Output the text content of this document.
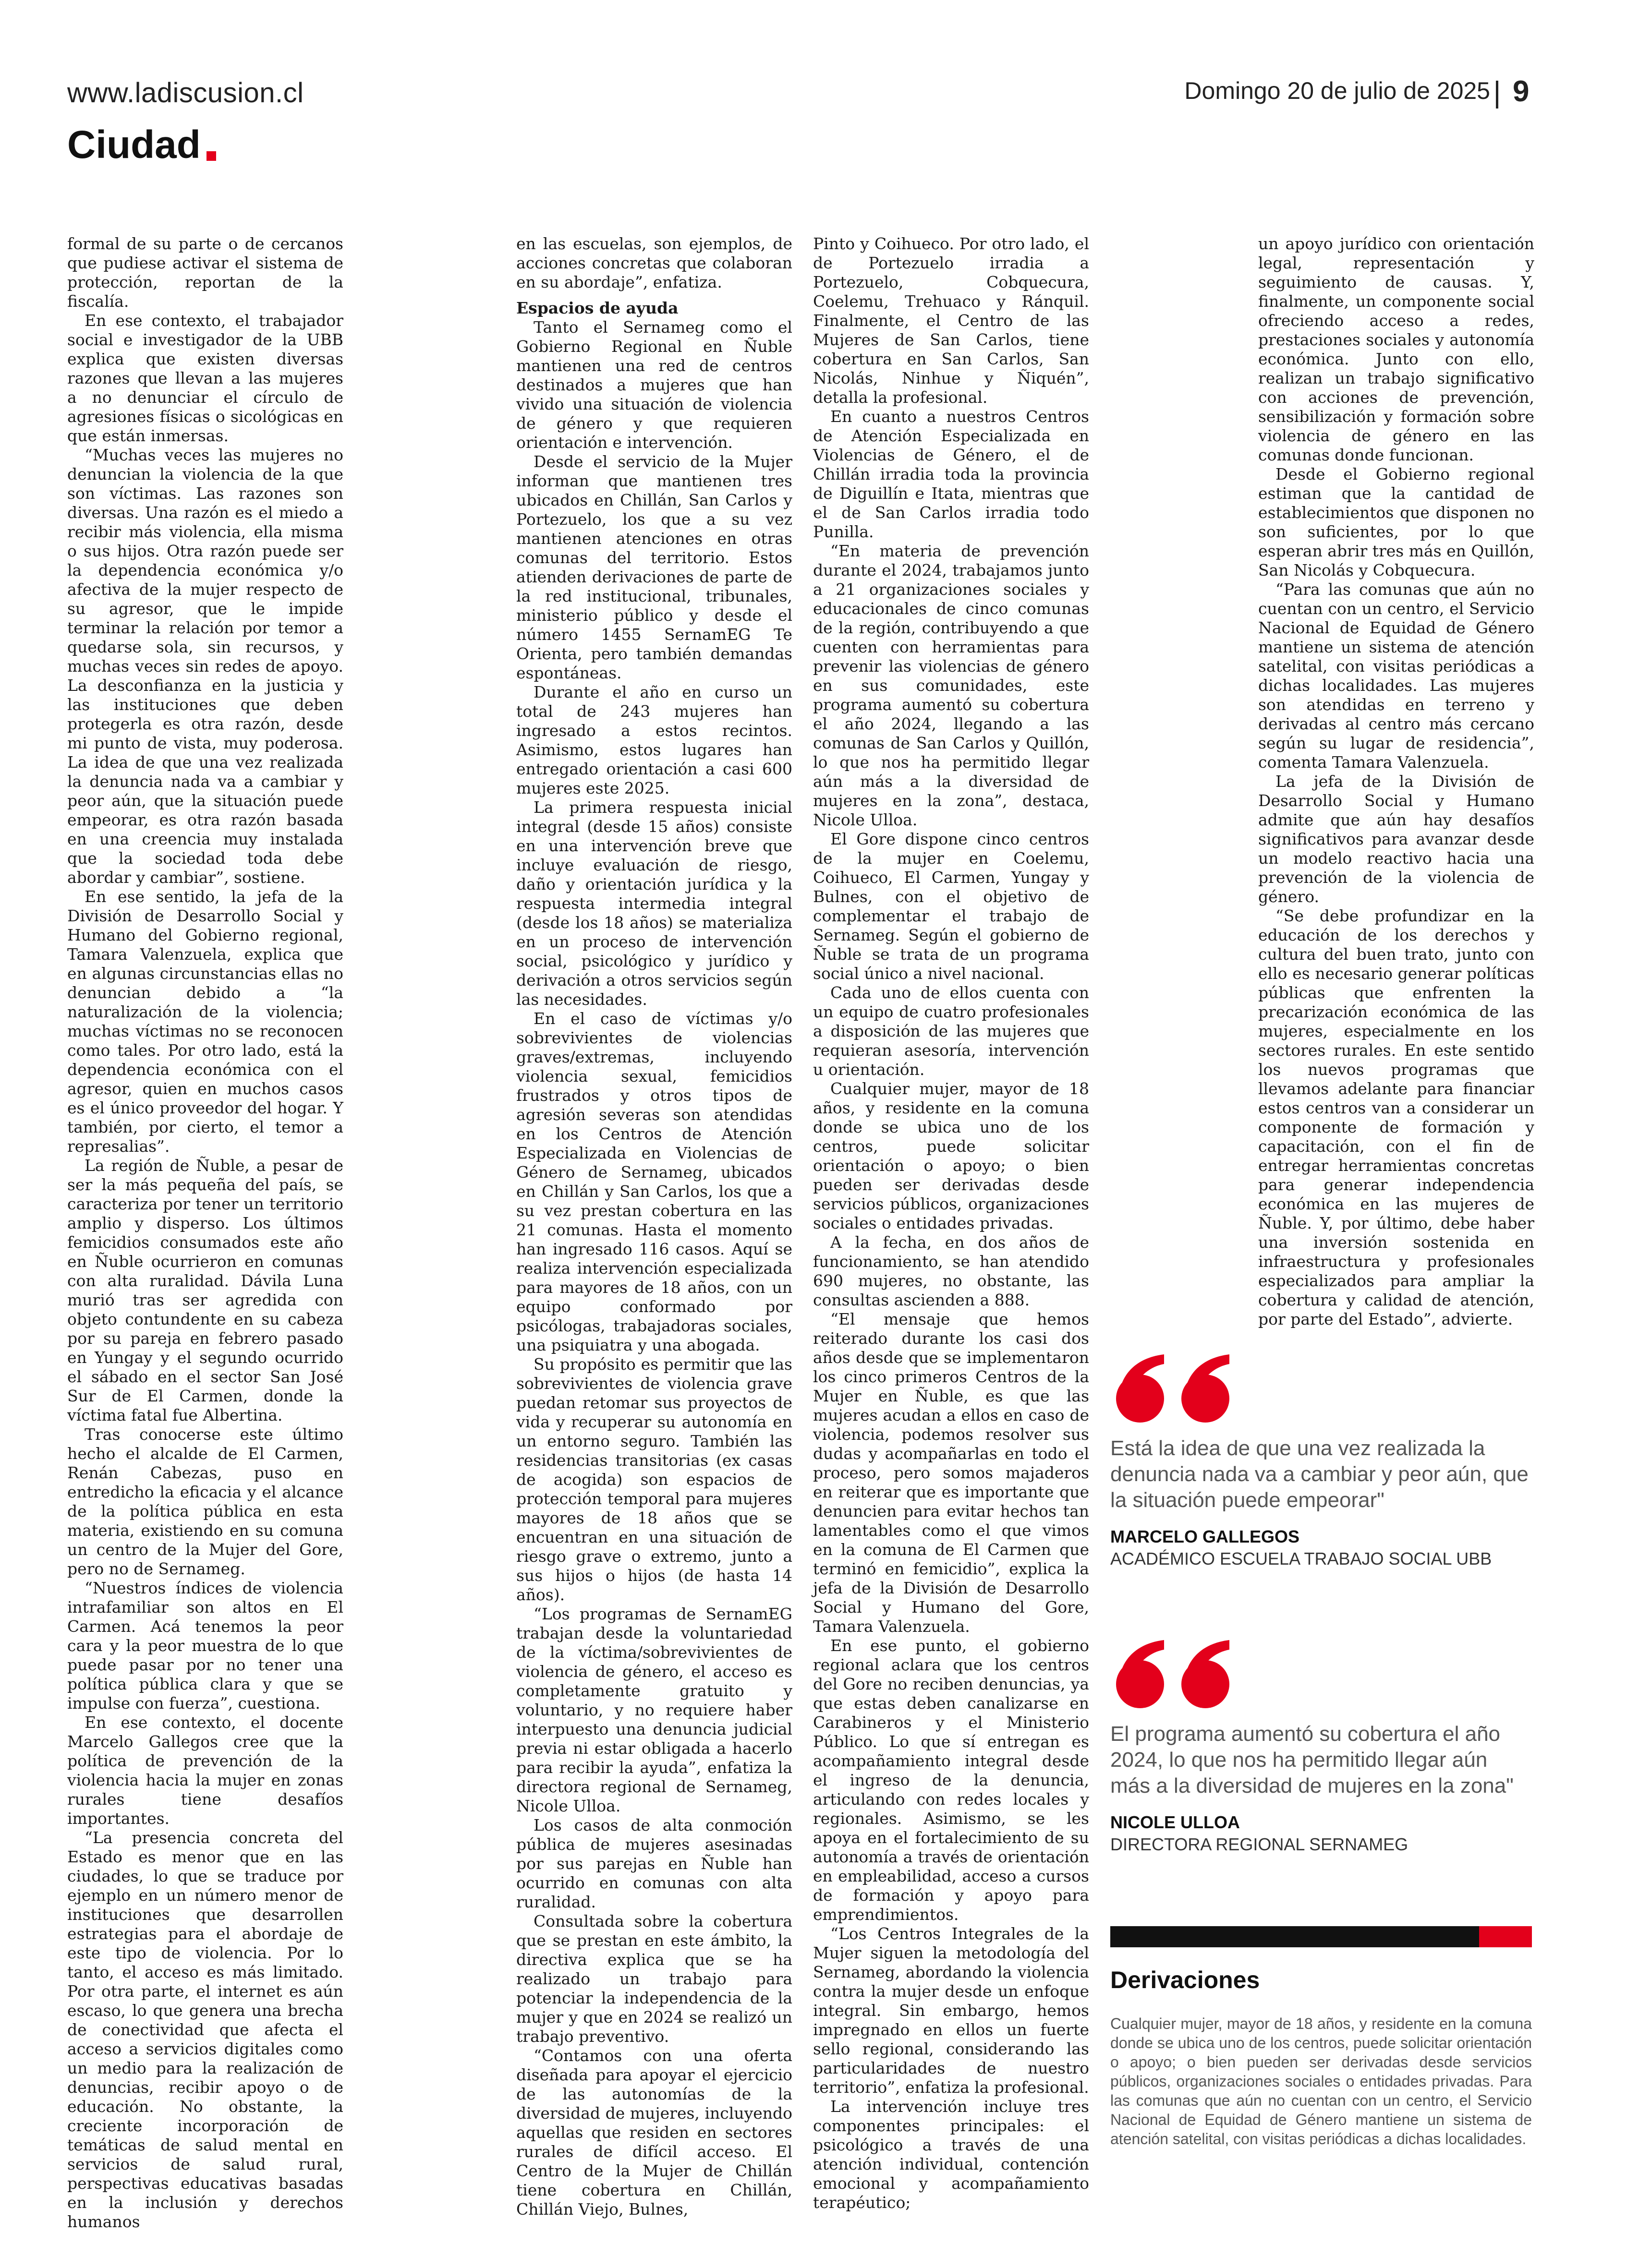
www.ladiscusion.cl	Domingo 20 de julio de 2025 9
Ciudad

formal de su parte o de cercanos que pudiese activar el sistema de protección, reportan de la fiscalía.

En ese contexto, el trabajador social e investigador de la UBB explica que existen diversas razones que llevan a las mujeres a no denunciar el círculo de agresiones físicas o sicológicas en que están inmersas.

“Muchas veces las mujeres no denuncian la violencia de la que son víctimas. Las razones son diversas. Una razón es el miedo a recibir más violencia, ella misma o sus hijos. Otra razón puede ser la dependencia económica y/o afectiva de la mujer respecto de su agresor, que le impide terminar la relación por temor a quedarse sola, sin recursos, y muchas veces sin redes de apoyo. La desconfianza en la justicia y las instituciones que deben protegerla es otra razón, desde mi punto de vista, muy poderosa. La idea de que una vez realizada la denuncia nada va a cambiar y peor aún, que la situación puede empeorar, es otra razón basada en una creencia muy instalada que la sociedad toda debe abordar y cambiar”, sostiene.

En ese sentido, la jefa de la División de Desarrollo Social y Humano del Gobierno regional, Tamara Valenzuela, explica que en algunas circunstancias ellas no denuncian debido a “la naturalización de la violencia; muchas víctimas no se reconocen como tales. Por otro lado, está la dependencia económica con el agresor, quien en muchos casos es el único proveedor del hogar. Y también, por cierto, el temor a represalias”.

La región de Ñuble, a pesar de ser la más pequeña del país, se caracteriza por tener un territorio amplio y disperso. Los últimos femicidios consumados este año en Ñuble ocurrieron en comunas con alta ruralidad. Dávila Luna murió tras ser agredida con objeto contundente en su cabeza por su pareja en febrero pasado en Yungay y el segundo ocurrido el sábado en el sector San José Sur de El Carmen, donde la víctima fatal fue Albertina.

Tras conocerse este último hecho el alcalde de El Carmen, Renán Cabezas, puso en entredicho la eficacia y el alcance de la política pública en esta materia, existiendo en su comuna un centro de la Mujer del Gore, pero no de Sernameg.

“Nuestros índices de violencia intrafamiliar son altos en El Carmen. Acá tenemos la peor cara y la peor muestra de lo que puede pasar por no tener una política pública clara y que se impulse con fuerza”, cuestiona.

En ese contexto, el docente Marcelo Gallegos cree que la política de prevención de la violencia hacia la mujer en zonas rurales tiene desafíos importantes.

“La presencia concreta del Estado es menor que en las ciudades, lo que se traduce por ejemplo en un número menor de instituciones que desarrollen estrategias para el abordaje de este tipo de violencia. Por lo tanto, el acceso es más limitado. Por otra parte, el internet es aún escaso, lo que genera una brecha de conectividad que afecta el acceso a servicios digitales como un medio para la realización de denuncias, recibir apoyo o de educación. No obstante, la creciente incorporación de temáticas de salud mental en servicios de salud rural, perspectivas educativas basadas en la inclusión y derechos humanos

en las escuelas, son ejemplos, de acciones concretas que colaboran en su abordaje”, enfatiza.

Espacios de ayuda

Tanto el Sernameg como el Gobierno Regional en Ñuble mantienen una red de centros destinados a mujeres que han vivido una situación de violencia de género y que requieren orientación e intervención.

Desde el servicio de la Mujer informan que mantienen tres ubicados en Chillán, San Carlos y Portezuelo, los que a su vez mantienen atenciones en otras comunas del territorio. Estos atienden derivaciones de parte de la red institucional, tribunales, ministerio público y desde el número 1455 SernamEG Te Orienta, pero también demandas espontáneas.

Durante el año en curso un total de 243 mujeres han ingresado a estos recintos. Asimismo, estos lugares han entregado orientación a casi 600 mujeres este 2025.

La primera respuesta inicial integral (desde 15 años) consiste en una intervención breve que incluye evaluación de riesgo, daño y orientación jurídica y la respuesta intermedia integral (desde los 18 años) se materializa en un proceso de intervención social, psicológico y jurídico y derivación a otros servicios según las necesidades.

En el caso de víctimas y/o sobrevivientes de violencias graves/extremas, incluyendo violencia sexual, femicidios frustrados y otros tipos de agresión severas son atendidas en los Centros de Atención Especializada en Violencias de Género de Sernameg, ubicados en Chillán y San Carlos, los que a su vez prestan cobertura en las 21 comunas. Hasta el momento han ingresado 116 casos. Aquí se realiza intervención especializada para mayores de 18 años, con un equipo conformado por psicólogas, trabajadoras sociales, una psiquiatra y una abogada.

Su propósito es permitir que las sobrevivientes de violencia grave puedan retomar sus proyectos de vida y recuperar su autonomía en un entorno seguro. También las residencias transitorias (ex casas de acogida) son espacios de protección temporal para mujeres mayores de 18 años que se encuentran en una situación de riesgo grave o extremo, junto a sus hijos o hijos (de hasta 14 años).

“Los programas de SernamEG trabajan desde la voluntariedad de la víctima/sobrevivientes de violencia de género, el acceso es completamente gratuito y voluntario, y no requiere haber interpuesto una denuncia judicial previa ni estar obligada a hacerlo para recibir la ayuda”, enfatiza la directora regional de Sernameg, Nicole Ulloa.

Los casos de alta conmoción pública de mujeres asesinadas por sus parejas en Ñuble han ocurrido en comunas con alta ruralidad.

Consultada sobre la cobertura que se prestan en este ámbito, la directiva explica que se ha realizado un trabajo para potenciar la independencia de la mujer y que en 2024 se realizó un trabajo preventivo.

“Contamos con una oferta diseñada para apoyar el ejercicio de las autonomías de la diversidad de mujeres, incluyendo aquellas que residen en sectores rurales de difícil acceso. El Centro de la Mujer de Chillán tiene cobertura en Chillán, Chillán Viejo, Bulnes,

Pinto y Coihueco. Por otro lado, el de Portezuelo irradia a Portezuelo, Cobquecura, Coelemu, Trehuaco y Ránquil. Finalmente, el Centro de las Mujeres de San Carlos, tiene cobertura en San Carlos, San Nicolás, Ninhue y Ñiquén”, detalla la profesional.

En cuanto a nuestros Centros de Atención Especializada en Violencias de Género, el de Chillán irradia toda la provincia de Diguillín e Itata, mientras que el de San Carlos irradia todo Punilla.

“En materia de prevención durante el 2024, trabajamos junto a 21 organizaciones sociales y educacionales de cinco comunas de la región, contribuyendo a que cuenten con herramientas para prevenir las violencias de género en sus comunidades, este programa aumentó su cobertura el año 2024, llegando a las comunas de San Carlos y Quillón, lo que nos ha permitido llegar aún más a la diversidad de mujeres en la zona”, destaca, Nicole Ulloa.

El Gore dispone cinco centros de la mujer en Coelemu, Coihueco, El Carmen, Yungay y Bulnes, con el objetivo de complementar el trabajo de Sernameg. Según el gobierno de Ñuble se trata de un programa social único a nivel nacional.

Cada uno de ellos cuenta con un equipo de cuatro profesionales a disposición de las mujeres que requieran asesoría, intervención u orientación.

Cualquier mujer, mayor de 18 años, y residente en la comuna donde se ubica uno de los centros, puede solicitar orientación o apoyo; o bien pueden ser derivadas desde servicios públicos, organizaciones sociales o entidades privadas.

A la fecha, en dos años de funcionamiento, se han atendido 690 mujeres, no obstante, las consultas ascienden a 888.

“El mensaje que hemos reiterado durante los casi dos años desde que se implementaron los cinco primeros Centros de la Mujer en Ñuble, es que las mujeres acudan a ellos en caso de violencia, podemos resolver sus dudas y acompañarlas en todo el proceso, pero somos majaderos en reiterar que es importante que denuncien para evitar hechos tan lamentables como el que vimos en la comuna de El Carmen que terminó en femicidio”, explica la jefa de la División de Desarrollo Social y Humano del Gore, Tamara Valenzuela.

En ese punto, el gobierno regional aclara que los centros del Gore no reciben denuncias, ya que estas deben canalizarse en Carabineros y el Ministerio Público. Lo que sí entregan es acompañamiento integral desde el ingreso de la denuncia, articulando con redes locales y regionales. Asimismo, se les apoya en el fortalecimiento de su autonomía a través de orientación en empleabilidad, acceso a cursos de formación y apoyo para emprendimientos.

“Los Centros Integrales de la Mujer siguen la metodología del Sernameg, abordando la violencia contra la mujer desde un enfoque integral. Sin embargo, hemos impregnado en ellos un fuerte sello regional, considerando las particularidades de nuestro territorio”, enfatiza la profesional.

La intervención incluye tres componentes principales: el psicológico a través de una atención individual, contención emocional y acompañamiento terapéutico;

un apoyo jurídico con orientación legal, representación y seguimiento de causas. Y, finalmente, un componente social ofreciendo acceso a redes, prestaciones sociales y autonomía económica. Junto con ello, realizan un trabajo significativo con acciones de prevención, sensibilización y formación sobre violencia de género en las comunas donde funcionan.

Desde el Gobierno regional estiman que la cantidad de establecimientos que disponen no son suficientes, por lo que esperan abrir tres más en Quillón, San Nicolás y Cobquecura.

“Para las comunas que aún no cuentan con un centro, el Servicio Nacional de Equidad de Género mantiene un sistema de atención satelital, con visitas periódicas a dichas localidades. Las mujeres son atendidas en terreno y derivadas al centro más cercano según su lugar de residencia”, comenta Tamara Valenzuela.

La jefa de la División de Desarrollo Social y Humano admite que aún hay desafíos significativos para avanzar desde un modelo reactivo hacia una prevención de la violencia de género.

“Se debe profundizar en la educación de los derechos y cultura del buen trato, junto con ello es necesario generar políticas públicas que enfrenten la precarización económica de las mujeres, especialmente en los sectores rurales. En este sentido los nuevos programas que llevamos adelante para financiar estos centros van a considerar un componente de formación y capacitación, con el fin de entregar herramientas concretas para generar independencia económica en las mujeres de Ñuble. Y, por último, debe haber una inversión sostenida en infraestructura y profesionales especializados para ampliar la cobertura y calidad de atención, por parte del Estado”, advierte.

Está la idea de que una vez realizada la denuncia nada va a cambiar y peor aún, que la situación puede empeorar"
MARCELO GALLEGOS
ACADÉMICO ESCUELA TRABAJO SOCIAL UBB
El programa aumentó su cobertura el año 2024, lo que nos ha permitido llegar aún más a la diversidad de mujeres en la zona"
NICOLE ULLOA
DIRECTORA REGIONAL SERNAMEG
Derivaciones
Cualquier mujer, mayor de 18 años, y residente en la comuna donde se ubica uno de los centros, puede solicitar orientación o apoyo; o bien pueden ser derivadas desde servicios públicos, organizaciones sociales o entidades privadas. Para las comunas que aún no cuentan con un centro, el Servicio Nacional de Equidad de Género mantiene un sistema de atención satelital, con visitas periódicas a dichas localidades.
